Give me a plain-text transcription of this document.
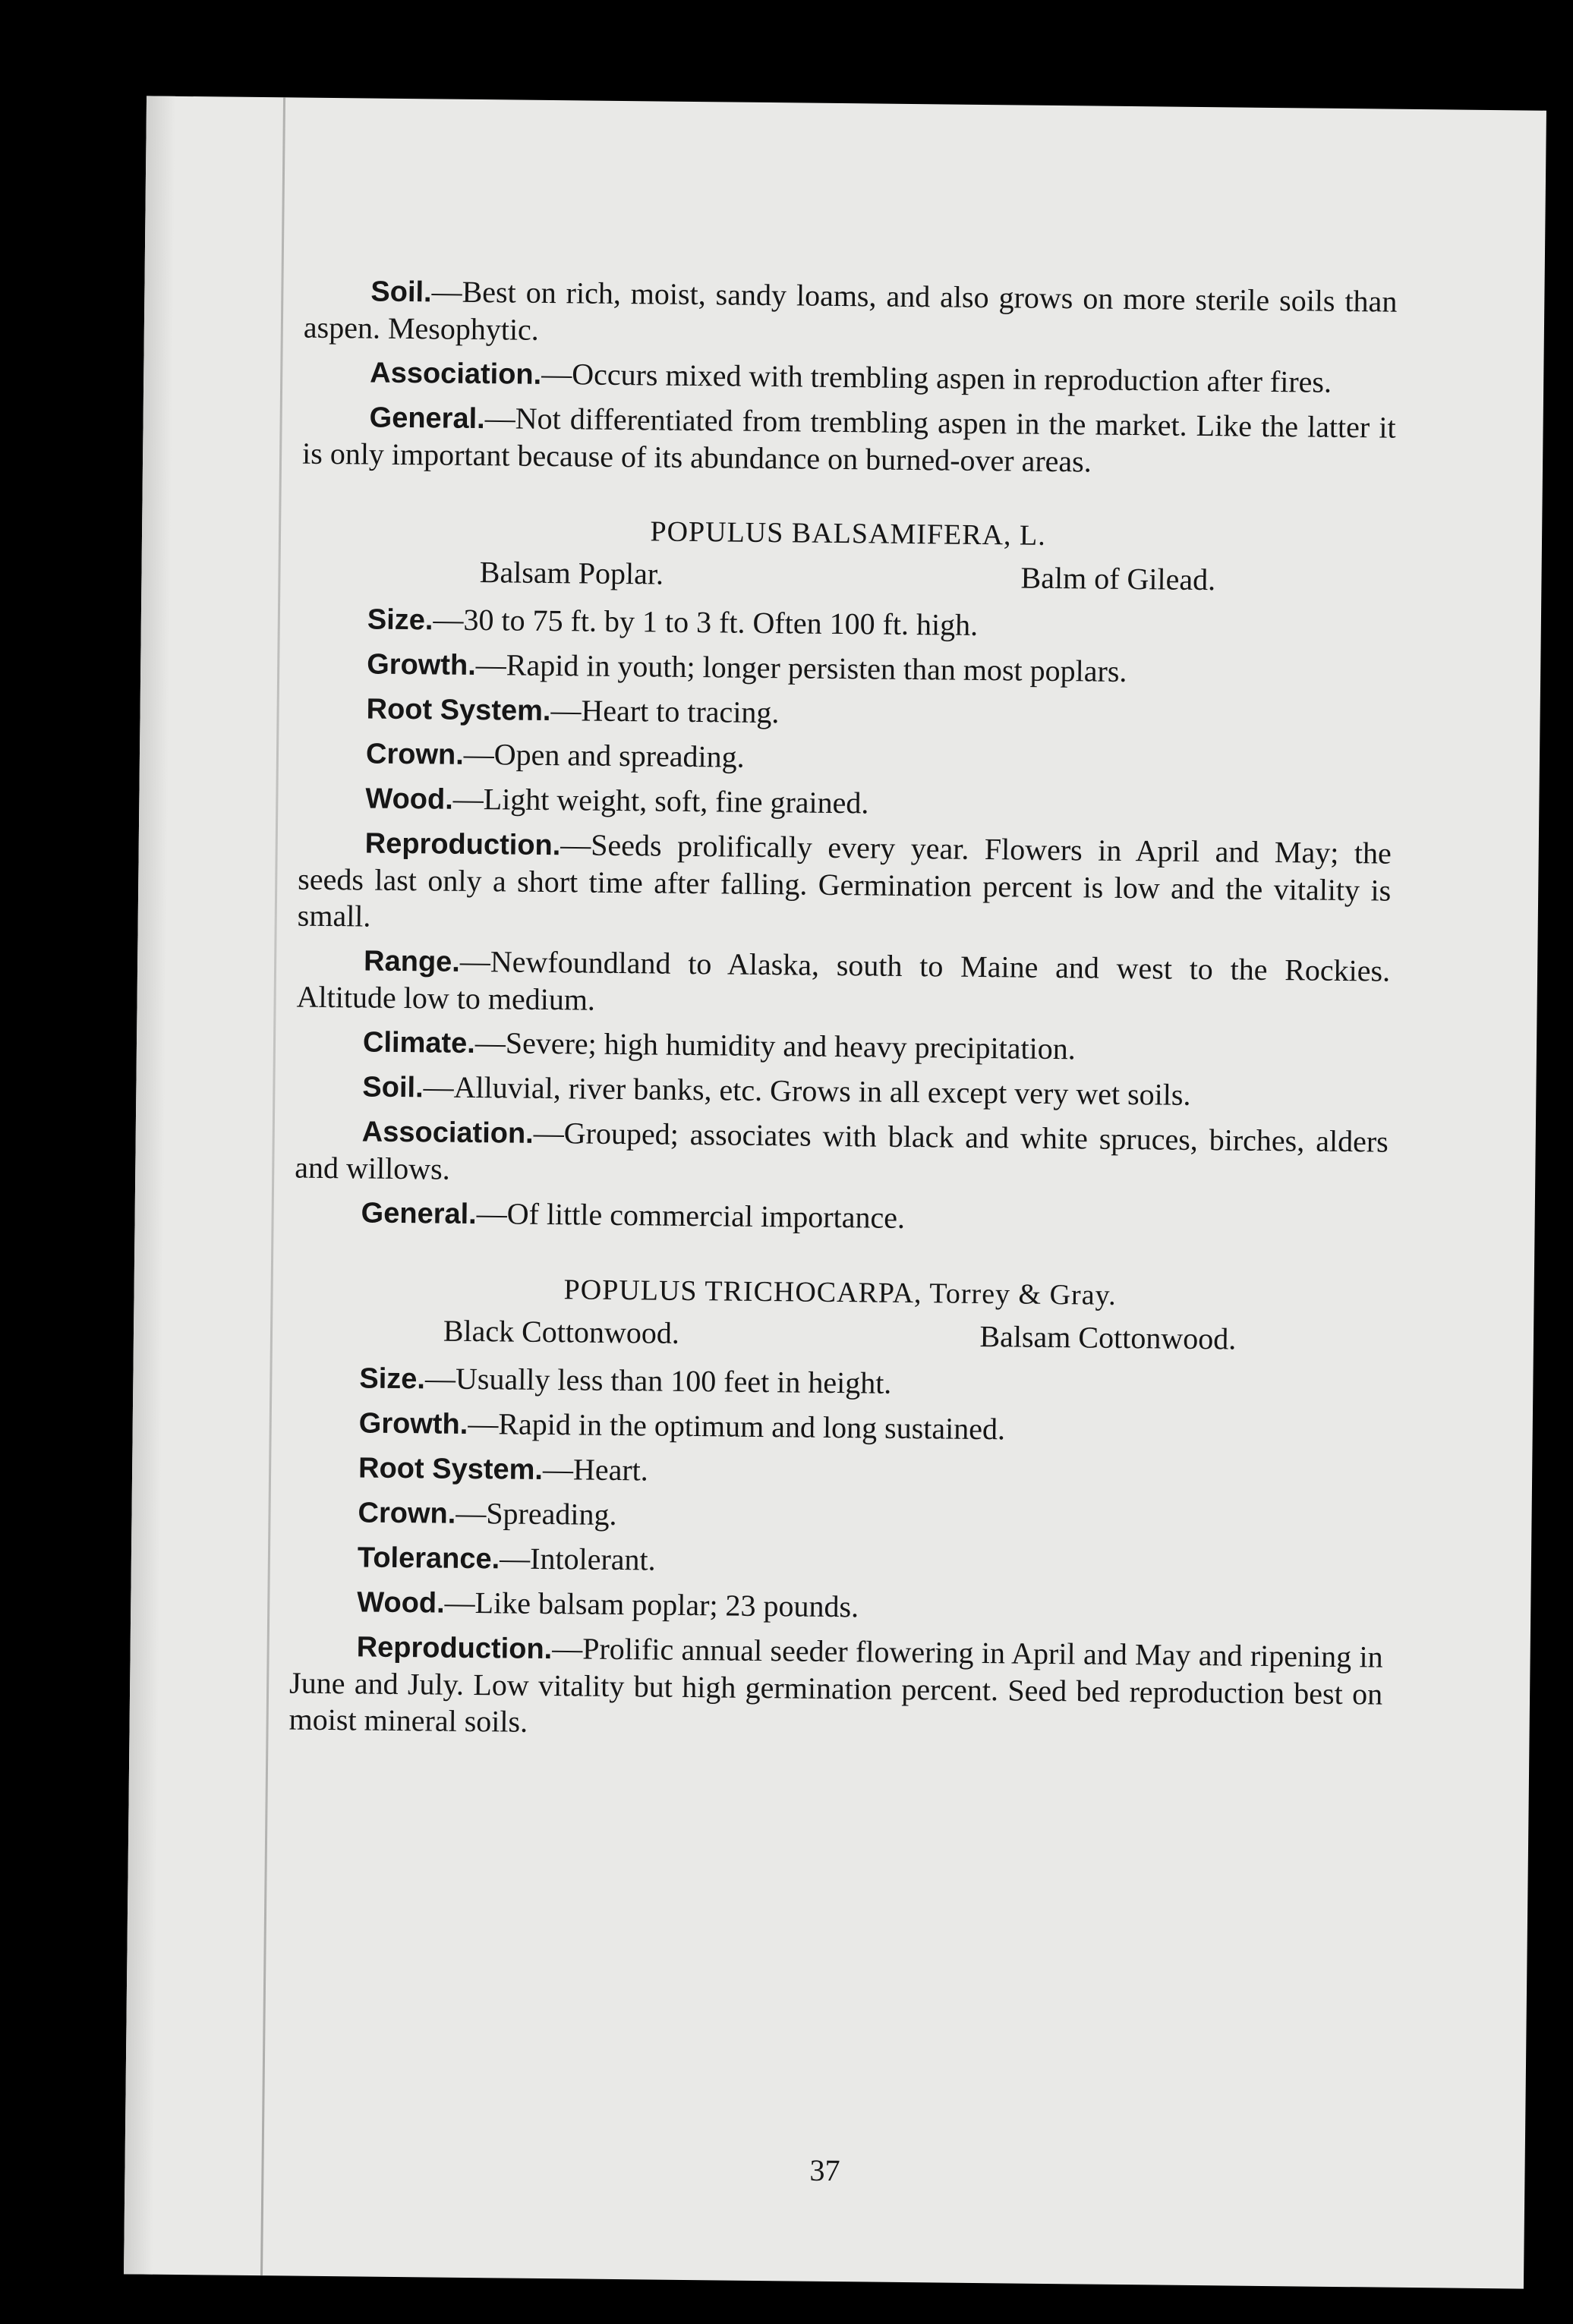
Soil.—Best on rich, moist, sandy loams, and also grows on more sterile soils than aspen. Mesophytic.

Association.—Occurs mixed with trembling aspen in reproduction after fires.

General.—Not differentiated from trembling aspen in the market. Like the latter it is only important because of its abundance on burned-over areas.

POPULUS BALSAMIFERA, L.
Balsam Poplar.	Balm of Gilead.

Size.—30 to 75 ft. by 1 to 3 ft. Often 100 ft. high.

Growth.—Rapid in youth; longer persisten than most poplars.

Root System.—Heart to tracing.

Crown.—Open and spreading.

Wood.—Light weight, soft, fine grained.

Reproduction.—Seeds prolifically every year. Flowers in April and May; the seeds last only a short time after falling. Germination percent is low and the vitality is small.

Range.—Newfoundland to Alaska, south to Maine and west to the Rockies. Altitude low to medium.

Climate.—Severe; high humidity and heavy precipitation.

Soil.—Alluvial, river banks, etc. Grows in all except very wet soils.

Association.—Grouped; associates with black and white spruces, birches, alders and willows.

General.—Of little commercial importance.

POPULUS TRICHOCARPA, Torrey & Gray.
Black Cottonwood.	Balsam Cottonwood.

Size.—Usually less than 100 feet in height.

Growth.—Rapid in the optimum and long sustained.

Root System.—Heart.

Crown.—Spreading.

Tolerance.—Intolerant.

Wood.—Like balsam poplar; 23 pounds.

Reproduction.—Prolific annual seeder flowering in April and May and ripening in June and July. Low vitality but high germination percent. Seed bed reproduction best on moist mineral soils.

37
